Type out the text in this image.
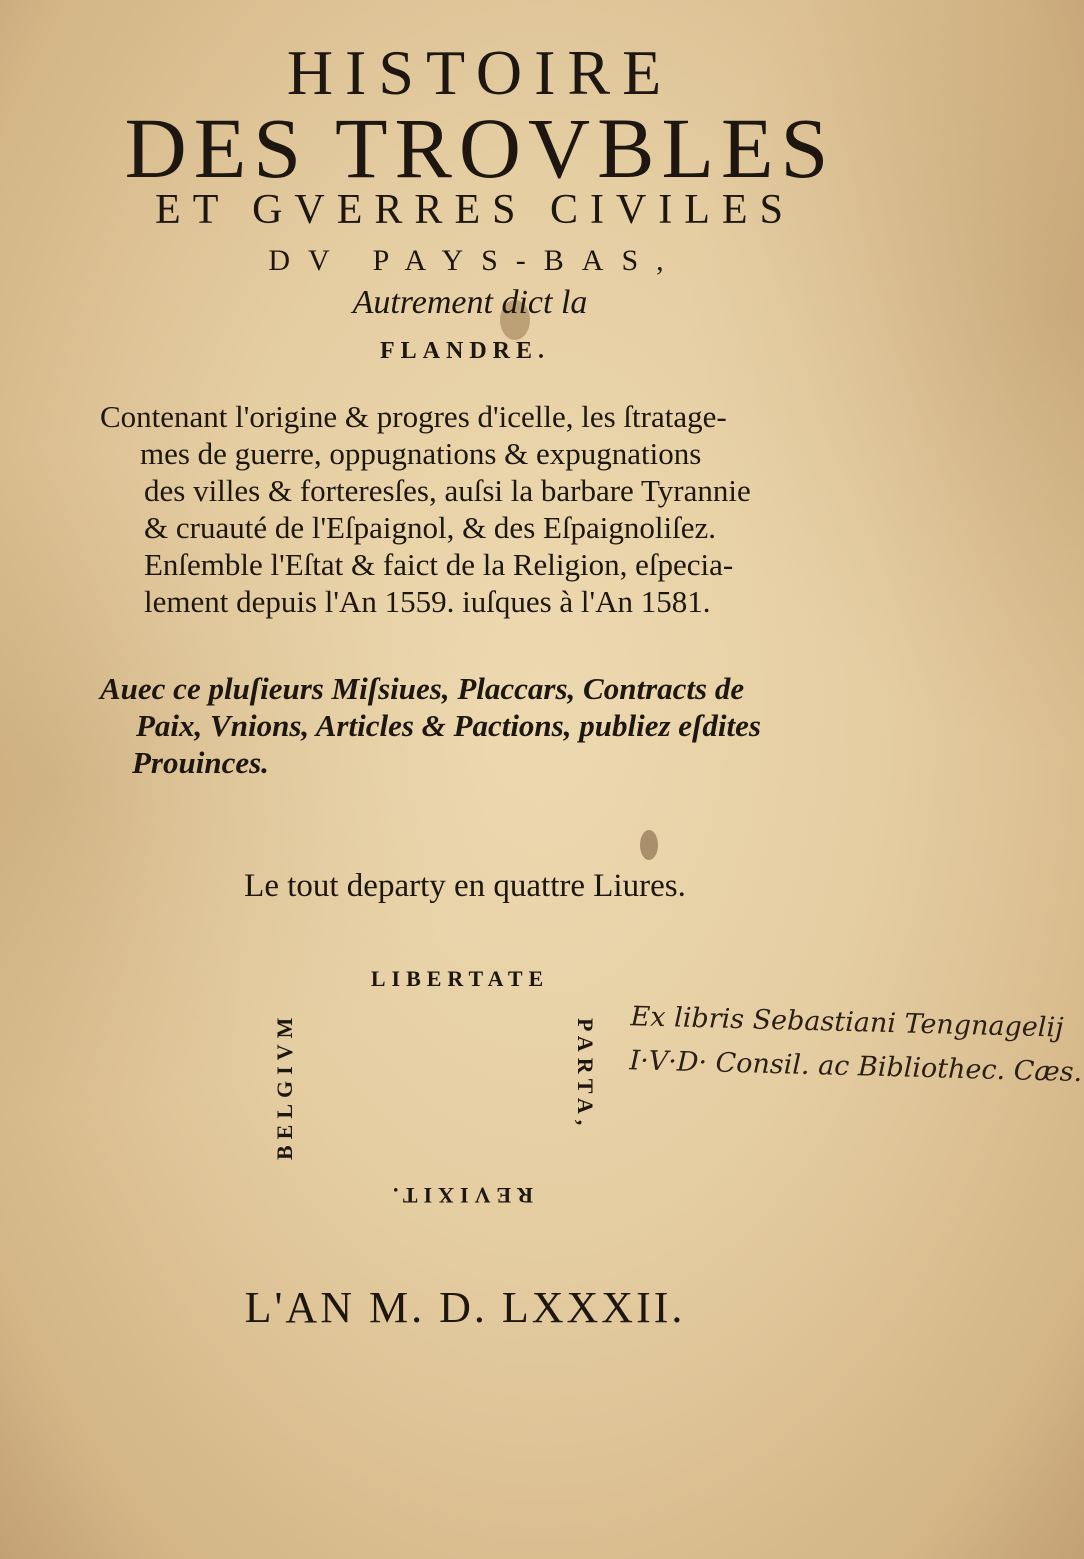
HISTOIRE
DES TROVBLES
ET GVERRES CIVILES
DV PAYS-BAS,
Autrement dict la
FLANDRE.
Contenant l'origine & progres d'icelle, les ſtratage-
mes de guerre, oppugnations & expugnations
des villes & forteresſes, auſsi la barbare Tyrannie
& cruauté de l'Eſpaignol, & des Eſpaignoliſez.
Enſemble l'Eſtat & faict de la Religion, eſpecia-
lement depuis l'An 1559. iuſques à l'An 1581.
Auec ce pluſieurs Miſsiues, Placcars, Contracts de
Paix, Vnions, Articles & Pactions, publiez eſdites
Prouinces.
Le tout departy en quattre Liures.
LIBERTATE
BELGIVM	PARTA,
REVIXIT.
Ex libris Sebastiani Tengnagelij
I·V·D· Consil. ac Bibliothec. Cæs.
L'AN M. D. LXXXII.
